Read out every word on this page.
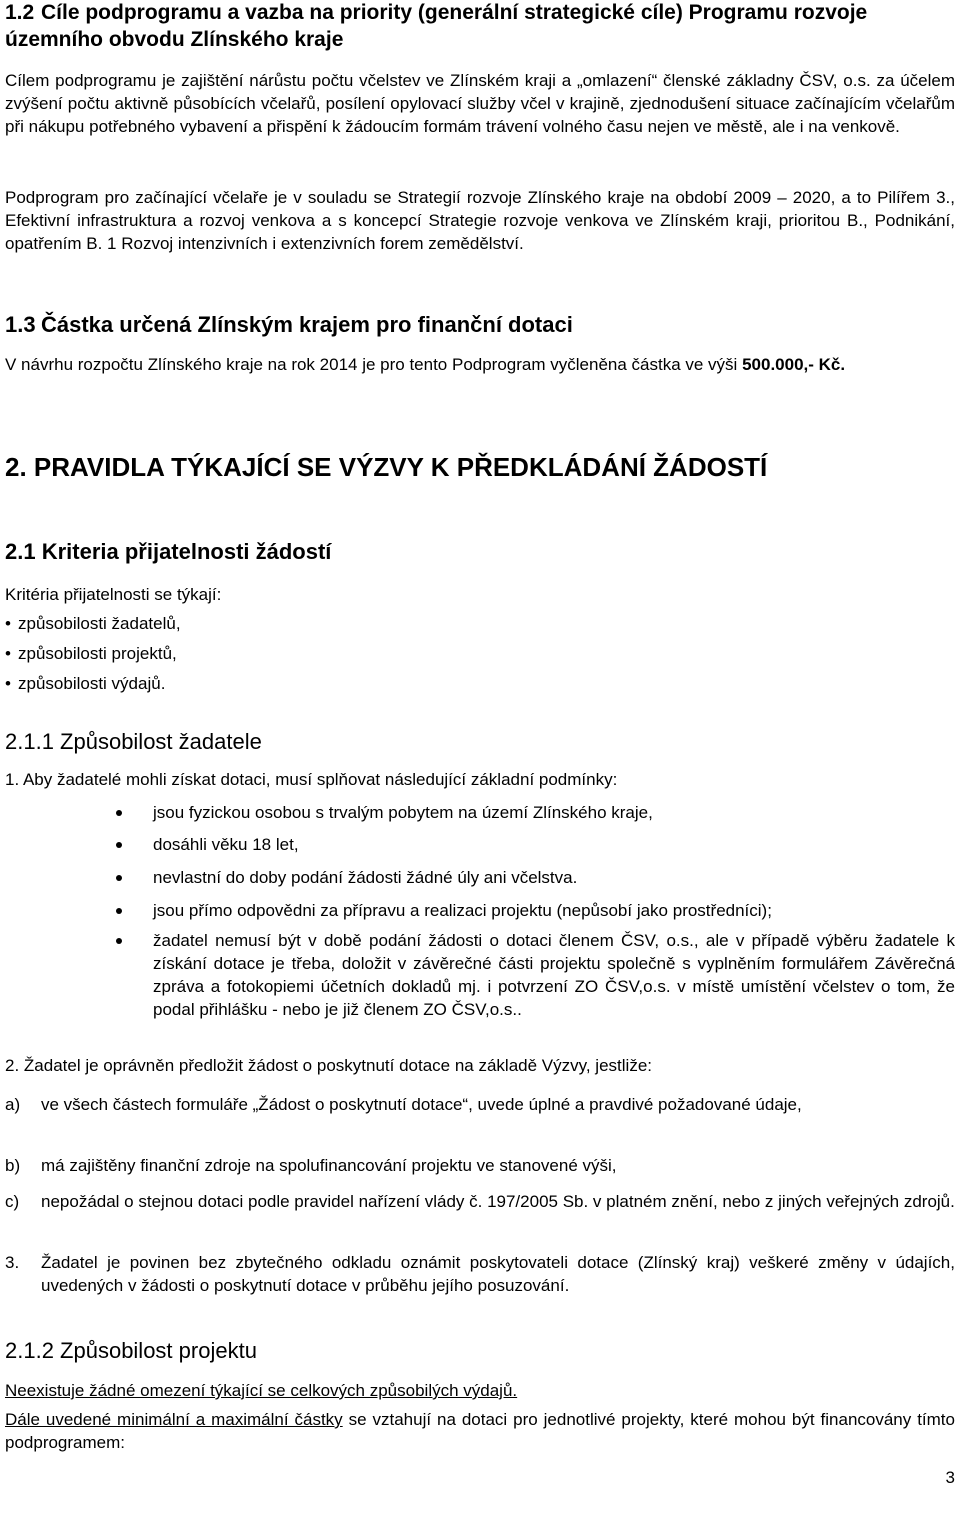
1.2 Cíle podprogramu a vazba na priority (generální strategické cíle) Programu rozvoje územního obvodu Zlínského kraje

Cílem podprogramu je zajištění nárůstu počtu včelstev ve Zlínském kraji a „omlazení“ členské základny ČSV, o.s. za účelem zvýšení počtu aktivně působících včelařů, posílení opylovací služby včel v krajině, zjednodušení situace začínajícím včelařům při nákupu potřebného vybavení a přispění k žádoucím formám trávení volného času nejen ve městě, ale i na venkově.

Podprogram pro začínající včelaře je v souladu se Strategií rozvoje Zlínského kraje na období 2009 – 2020, a to Pilířem 3., Efektivní infrastruktura a rozvoj venkova a s koncepcí Strategie rozvoje venkova ve Zlínském kraji, prioritou B., Podnikání, opatřením B. 1 Rozvoj intenzivních i extenzivních forem zemědělství.

1.3 Částka určená Zlínským krajem pro finanční dotaci

V návrhu rozpočtu Zlínského kraje na rok 2014 je pro tento Podprogram vyčleněna částka ve výši 500.000,- Kč.

2. PRAVIDLA TÝKAJÍCÍ SE VÝZVY K PŘEDKLÁDÁNÍ ŽÁDOSTÍ
2.1 Kriteria přijatelnosti žádostí

Kritéria přijatelnosti se týkají:

• způsobilosti žadatelů,
• způsobilosti projektů,
• způsobilosti výdajů.
2.1.1 Způsobilost žadatele

1. Aby žadatelé mohli získat dotaci, musí splňovat následující základní podmínky:

jsou fyzickou osobou s trvalým pobytem na území Zlínského kraje,
dosáhli věku 18 let,
nevlastní do doby podání žádosti žádné úly ani včelstva.
jsou přímo odpovědni za přípravu a realizaci projektu (nepůsobí jako prostředníci);
žadatel nemusí být v době podání žádosti o dotaci členem ČSV, o.s., ale v případě výběru žadatele k získání dotace je třeba, doložit v závěrečné části projektu společně s vyplněním formulářem Závěrečná zpráva a fotokopiemi účetních dokladů mj. i potvrzení ZO ČSV,o.s. v místě umístění včelstev o tom, že podal přihlášku - nebo je již členem ZO ČSV,o.s..

2. Žadatel je oprávněn předložit žádost o poskytnutí dotace na základě Výzvy, jestliže:

a) ve všech částech formuláře „Žádost o poskytnutí dotace“, uvede úplné a pravdivé požadované údaje,
b) má zajištěny finanční zdroje na spolufinancování projektu ve stanovené výši,
c) nepožádal o stejnou dotaci podle pravidel nařízení vlády č. 197/2005 Sb. v platném znění, nebo z jiných veřejných zdrojů.
3. Žadatel je povinen bez zbytečného odkladu oznámit poskytovateli dotace (Zlínský kraj) veškeré změny v údajích, uvedených v žádosti o poskytnutí dotace v průběhu jejího posuzování.
2.1.2 Způsobilost projektu

Neexistuje žádné omezení týkající se celkových způsobilých výdajů.

Dále uvedené minimální a maximální částky se vztahují na dotaci pro jednotlivé projekty, které mohou být financovány tímto podprogramem:

3
